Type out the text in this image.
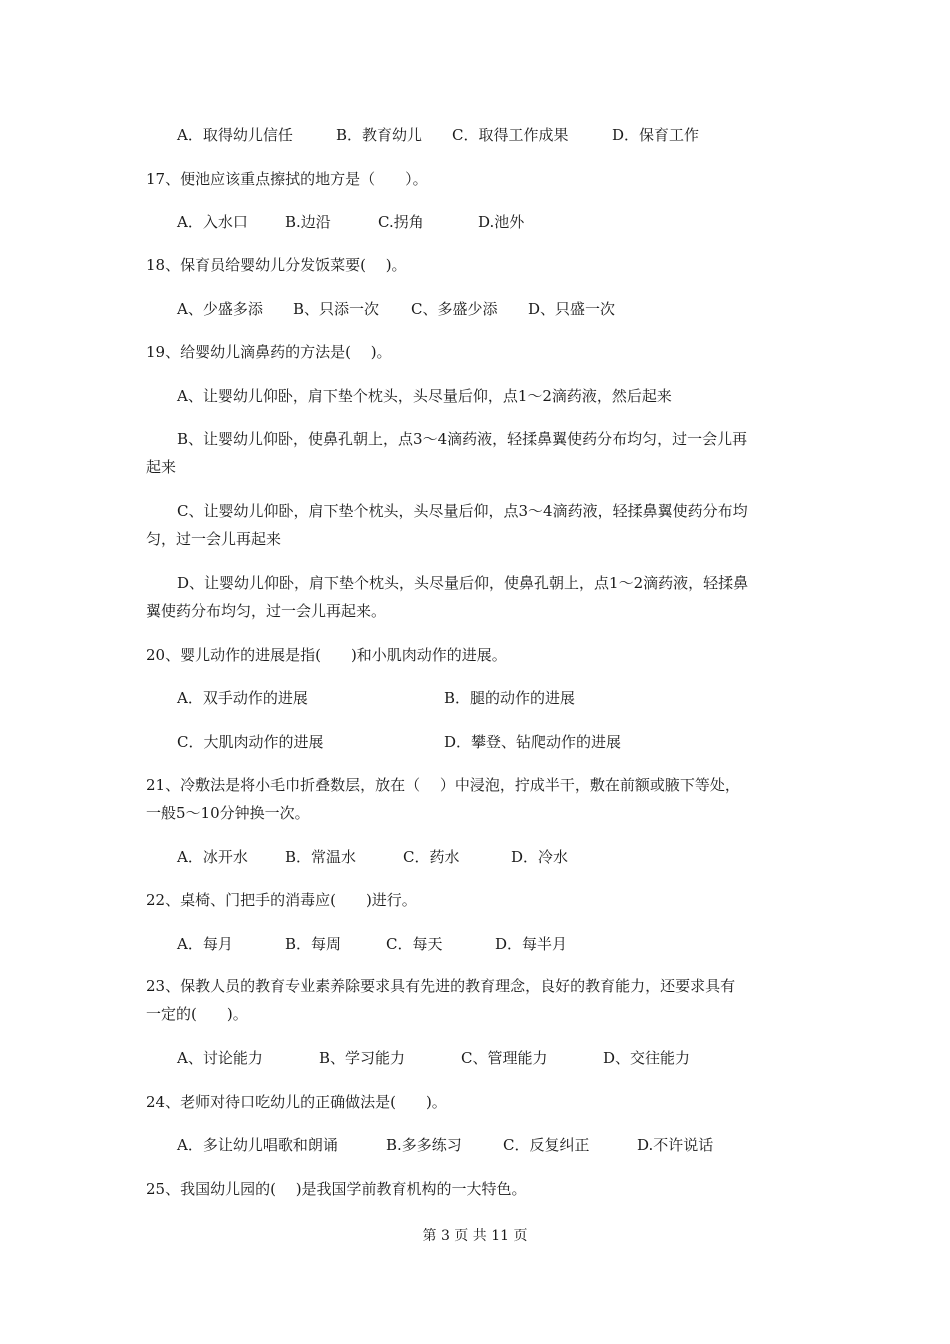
A．取得幼儿信任	B．教育幼儿 C．取得工作成果	D．保育工作
17、便池应该重点擦拭的地方是（　　）。
A．入水口 B.边沿	C.拐角	D.池外
18、保育员给婴幼儿分发饭菜要(　 )。
A、少盛多添 B、只添一次 C、多盛少添 D、只盛一次
19、给婴幼儿滴鼻药的方法是(　 )。
A、让婴幼儿仰卧，肩下垫个枕头，头尽量后仰，点1～2滴药液，然后起来
B、让婴幼儿仰卧，使鼻孔朝上，点3～4滴药液，轻揉鼻翼使药分布均匀，过一会儿再
起来
C、让婴幼儿仰卧，肩下垫个枕头，头尽量后仰，点3～4滴药液，轻揉鼻翼使药分布均
匀，过一会儿再起来
D、让婴幼儿仰卧，肩下垫个枕头，头尽量后仰，使鼻孔朝上，点1～2滴药液，轻揉鼻
翼使药分布均匀，过一会儿再起来。
20、婴儿动作的进展是指(　　)和小肌肉动作的进展。
A．双手动作的进展	B．腿的动作的进展
C．大肌肉动作的进展	D．攀登、钻爬动作的进展
21、冷敷法是将小毛巾折叠数层，放在（　 ）中浸泡，拧成半干，敷在前额或腋下等处，
一般5～10分钟换一次。
A．冰开水 B．常温水	C．药水	D．冷水
22、桌椅、门把手的消毒应(　　)进行。
A．每月	B．每周	C．每天	D．每半月
23、保教人员的教育专业素养除要求具有先进的教育理念，良好的教育能力，还要求具有
一定的(　　)。
A、讨论能力	B、学习能力	C、管理能力	D、交往能力
24、老师对待口吃幼儿的正确做法是(　　)。
A．多让幼儿唱歌和朗诵	B.多多练习	C．反复纠正	D.不许说话
25、我国幼儿园的(　 )是我国学前教育机构的一大特色。
第 3 页 共 11 页
